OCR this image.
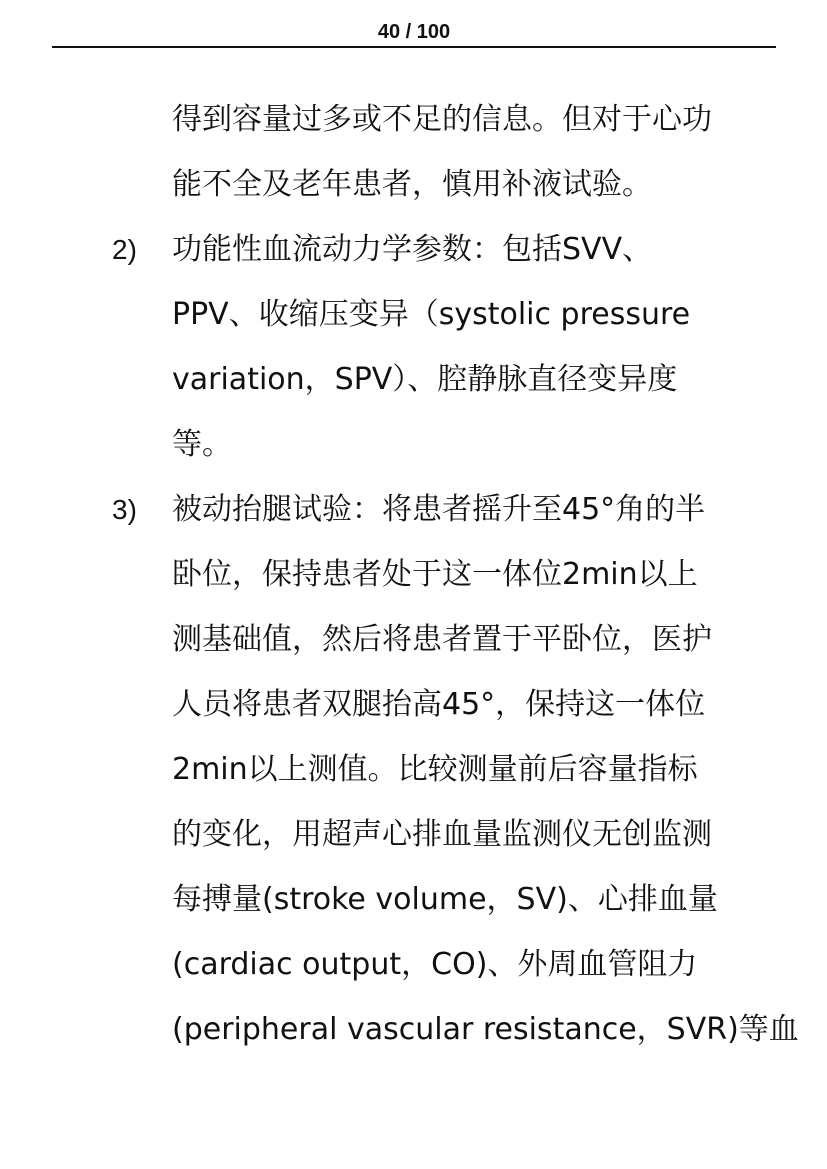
40 / 100
得到容量过多或不足的信息。但对于心功
能不全及老年患者，慎用补液试验。
2) 功能性血流动力学参数：包括SVV、
PPV、收缩压变异（systolic pressure
variation，SPV）、腔静脉直径变异度
等。
3) 被动抬腿试验：将患者摇升至45°角的半
卧位，保持患者处于这一体位2min以上
测基础值，然后将患者置于平卧位，医护
人员将患者双腿抬高45°，保持这一体位
2min以上测值。比较测量前后容量指标
的变化，用超声心排血量监测仪无创监测
每搏量(stroke volume，SV)、心排血量
(cardiac output，CO)、外周血管阻力
(peripheral vascular resistance，SVR)等血
